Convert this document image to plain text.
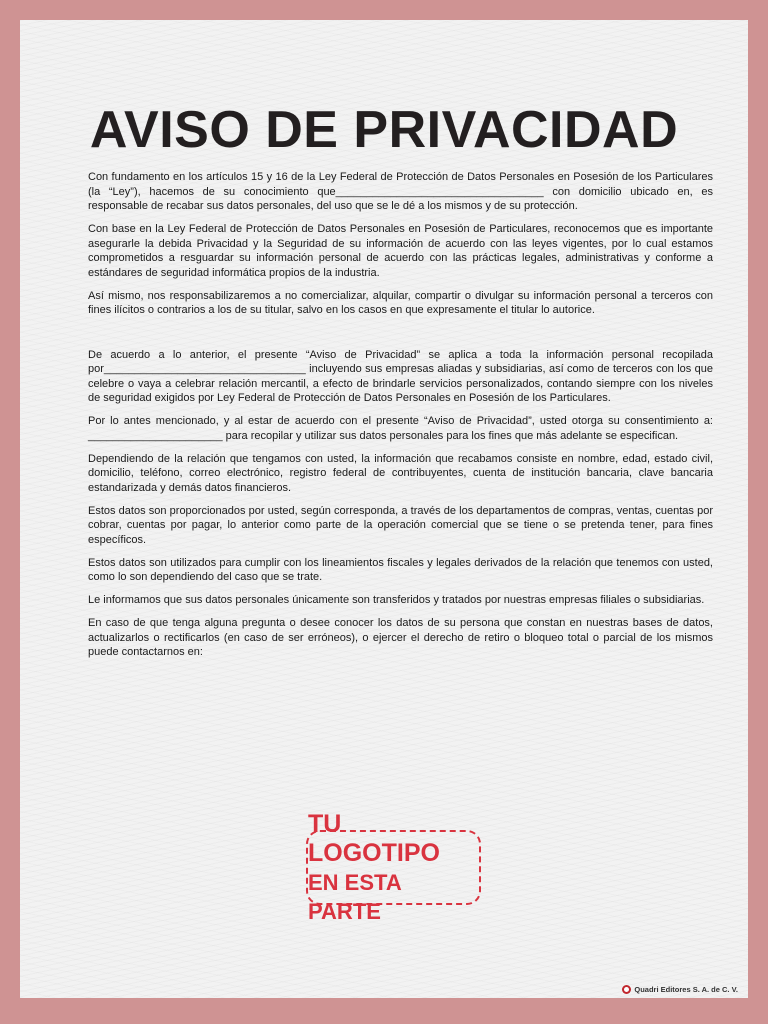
AVISO DE PRIVACIDAD

Con fundamento en los artículos 15 y 16 de la Ley Federal de Protección de Datos Personales en Posesión de los Particulares (la “Ley”), hacemos de su conocimiento que__________________________________ con domicilio ubicado en, es responsable de recabar sus datos personales, del uso que se le dé a los mismos y de su protección.

Con base en la Ley Federal de Protección de Datos Personales en Posesión de Particulares, reconocemos que es importante asegurarle la debida Privacidad y la Seguridad de su información de acuerdo con las leyes vigentes, por lo cual estamos comprometidos a resguardar su información personal de acuerdo con las prácticas legales, administrativas y conforme a estándares de seguridad informática propios de la industria.

Así mismo, nos responsabilizaremos a no comercializar, alquilar, compartir o divulgar su información personal a terceros con fines ilícitos o contrarios a los de su titular, salvo en los casos en que expresamente el titular lo autorice.

De acuerdo a lo anterior, el presente “Aviso de Privacidad” se aplica a toda la información personal recopilada por_________________________________ incluyendo sus empresas aliadas y subsidiarias, así como de terceros con los que celebre o vaya a celebrar relación mercantil, a efecto de brindarle servicios personalizados, contando siempre con los niveles de seguridad exigidos por Ley Federal de Protección de Datos Personales en Posesión de los Particulares.

Por lo antes mencionado, y al estar de acuerdo con el presente “Aviso de Privacidad”, usted otorga su consentimiento a: ______________________ para recopilar y utilizar sus datos personales para los fines que más adelante se especifican.

Dependiendo de la relación que tengamos con usted, la información que recabamos consiste en nombre, edad, estado civil, domicilio, teléfono, correo electrónico, registro federal de contribuyentes, cuenta de institución bancaria, clave bancaria estandarizada y demás datos financieros.

Estos datos son proporcionados por usted, según corresponda, a través de los departamentos de compras, ventas, cuentas por cobrar, cuentas por pagar, lo anterior como parte de la operación comercial que se tiene o se pretenda tener, para fines específicos.

Estos datos son utilizados para cumplir con los lineamientos fiscales y legales derivados de la relación que tenemos con usted, como lo son dependiendo del caso que se trate.

Le informamos que sus datos personales únicamente son transferidos y tratados por nuestras empresas filiales o subsidiarias.

En caso de que tenga alguna pregunta o desee conocer los datos de su persona que constan en nuestras bases de datos, actualizarlos o rectificarlos (en caso de ser erróneos), o ejercer el derecho de retiro o bloqueo total o parcial de los mismos puede contactarnos en:

TU LOGOTIPO
EN ESTA PARTE
Quadri Editores S. A. de C. V.
